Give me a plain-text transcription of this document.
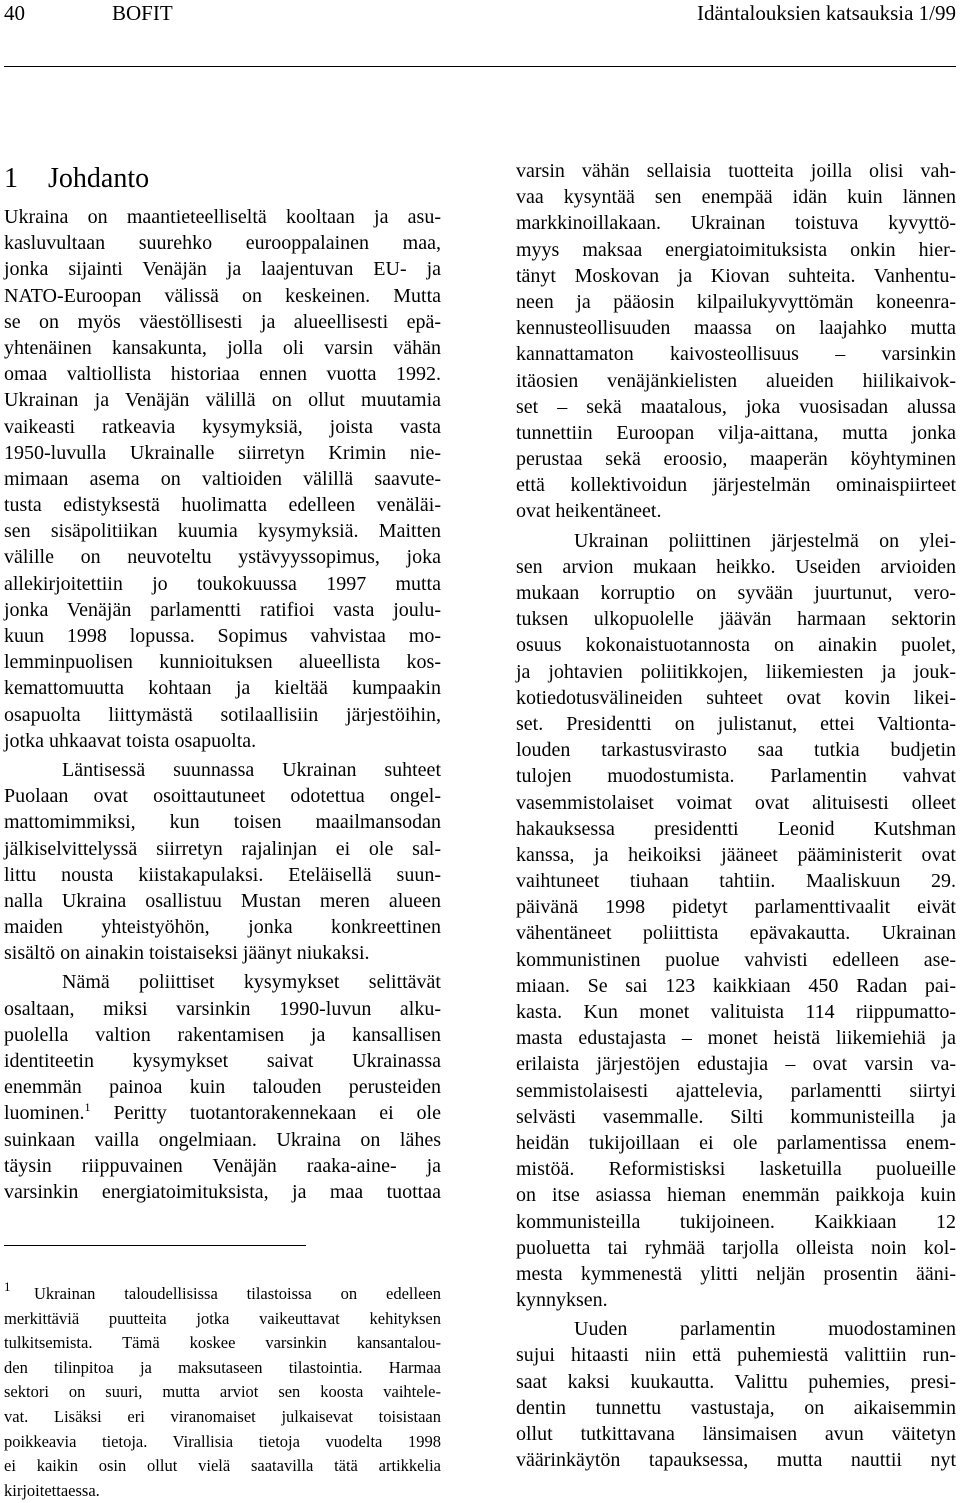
40	BOFIT	Idäntalouksien katsauksia 1/99
1 Johdanto
Ukraina on maantieteelliseltä kooltaan ja asu-
kasluvultaan suurehko eurooppalainen maa,
jonka sijainti Venäjän ja laajentuvan EU- ja
NATO-Euroopan välissä on keskeinen. Mutta
se on myös väestöllisesti ja alueellisesti epä-
yhtenäinen kansakunta, jolla oli varsin vähän
omaa valtiollista historiaa ennen vuotta 1992.
Ukrainan ja Venäjän välillä on ollut muutamia
vaikeasti ratkeavia kysymyksiä, joista vasta
1950-luvulla Ukrainalle siirretyn Krimin nie-
mimaan asema on valtioiden välillä saavute-
tusta edistyksestä huolimatta edelleen venäläi-
sen sisäpolitiikan kuumia kysymyksiä. Maitten
välille on neuvoteltu ystävyyssopimus, joka
allekirjoitettiin jo toukokuussa 1997 mutta
jonka Venäjän parlamentti ratifioi vasta joulu-
kuun 1998 lopussa. Sopimus vahvistaa mo-
lemminpuolisen kunnioituksen alueellista kos-
kemattomuutta kohtaan ja kieltää kumpaakin
osapuolta liittymästä sotilaallisiin järjestöihin,
jotka uhkaavat toista osapuolta.
Läntisessä suunnassa Ukrainan suhteet
Puolaan ovat osoittautuneet odotettua ongel-
mattomimmiksi, kun toisen maailmansodan
jälkiselvittelyssä siirretyn rajalinjan ei ole sal-
littu nousta kiistakapulaksi. Eteläisellä suun-
nalla Ukraina osallistuu Mustan meren alueen
maiden yhteistyöhön, jonka konkreettinen
sisältö on ainakin toistaiseksi jäänyt niukaksi.
Nämä poliittiset kysymykset selittävät
osaltaan, miksi varsinkin 1990-luvun alku-
puolella valtion rakentamisen ja kansallisen
identiteetin kysymykset saivat Ukrainassa
enemmän painoa kuin talouden perusteiden
luominen.$^1$ Peritty tuotantorakennekaan ei ole
suinkaan vailla ongelmiaan. Ukraina on lähes
täysin riippuvainen Venäjän raaka-aine- ja
varsinkin energiatoimituksista, ja maa tuottaa
1	Ukrainan taloudellisissa tilastoissa on edelleen
merkittäviä puutteita jotka vaikeuttavat kehityksen
tulkitsemista. Tämä koskee varsinkin kansantalou-
den tilinpitoa ja maksutaseen tilastointia. Harmaa
sektori on suuri, mutta arviot sen koosta vaihtele-
vat. Lisäksi eri viranomaiset julkaisevat toisistaan
poikkeavia tietoja. Virallisia tietoja vuodelta 1998
ei kaikin osin ollut vielä saatavilla tätä artikkelia
kirjoitettaessa.
varsin vähän sellaisia tuotteita joilla olisi vah-
vaa kysyntää sen enempää idän kuin lännen
markkinoillakaan. Ukrainan toistuva kyvyttö-
myys maksaa energiatoimituksista onkin hier-
tänyt Moskovan ja Kiovan suhteita. Vanhentu-
neen ja pääosin kilpailukyvyttömän koneenra-
kennusteollisuuden maassa on laajahko mutta
kannattamaton kaivosteollisuus – varsinkin
itäosien venäjänkielisten alueiden hiilikaivok-
set – sekä maatalous, joka vuosisadan alussa
tunnettiin Euroopan vilja-aittana, mutta jonka
perustaa sekä eroosio, maaperän köyhtyminen
että kollektivoidun järjestelmän ominaispiirteet
ovat heikentäneet.
Ukrainan poliittinen järjestelmä on ylei-
sen arvion mukaan heikko. Useiden arvioiden
mukaan korruptio on syvään juurtunut, vero-
tuksen ulkopuolelle jäävän harmaan sektorin
osuus kokonaistuotannosta on ainakin puolet,
ja johtavien poliitikkojen, liikemiesten ja jouk-
kotiedotusvälineiden suhteet ovat kovin likei-
set. Presidentti on julistanut, ettei Valtionta-
louden tarkastusvirasto saa tutkia budjetin
tulojen muodostumista. Parlamentin vahvat
vasemmistolaiset voimat ovat alituisesti olleet
hakauksessa presidentti Leonid Kutshman
kanssa, ja heikoiksi jääneet pääministerit ovat
vaihtuneet tiuhaan tahtiin. Maaliskuun 29.
päivänä 1998 pidetyt parlamenttivaalit eivät
vähentäneet poliittista epävakautta. Ukrainan
kommunistinen puolue vahvisti edelleen ase-
miaan. Se sai 123 kaikkiaan 450 Radan pai-
kasta. Kun monet valituista 114 riippumatto-
masta edustajasta – monet heistä liikemiehiä ja
erilaista järjestöjen edustajia – ovat varsin va-
semmistolaisesti ajattelevia, parlamentti siirtyi
selvästi vasemmalle. Silti kommunisteilla ja
heidän tukijoillaan ei ole parlamentissa enem-
mistöä. Reformistisksi lasketuilla puolueille
on itse asiassa hieman enemmän paikkoja kuin
kommunisteilla tukijoineen. Kaikkiaan 12
puoluetta tai ryhmää tarjolla olleista noin kol-
mesta kymmenestä ylitti neljän prosentin ääni-
kynnyksen.
Uuden parlamentin muodostaminen
sujui hitaasti niin että puhemiestä valittiin run-
saat kaksi kuukautta. Valittu puhemies, presi-
dentin tunnettu vastustaja, on aikaisemmin
ollut tutkittavana länsimaisen avun väitetyn
väärinkäytön tapauksessa, mutta nauttii nyt
